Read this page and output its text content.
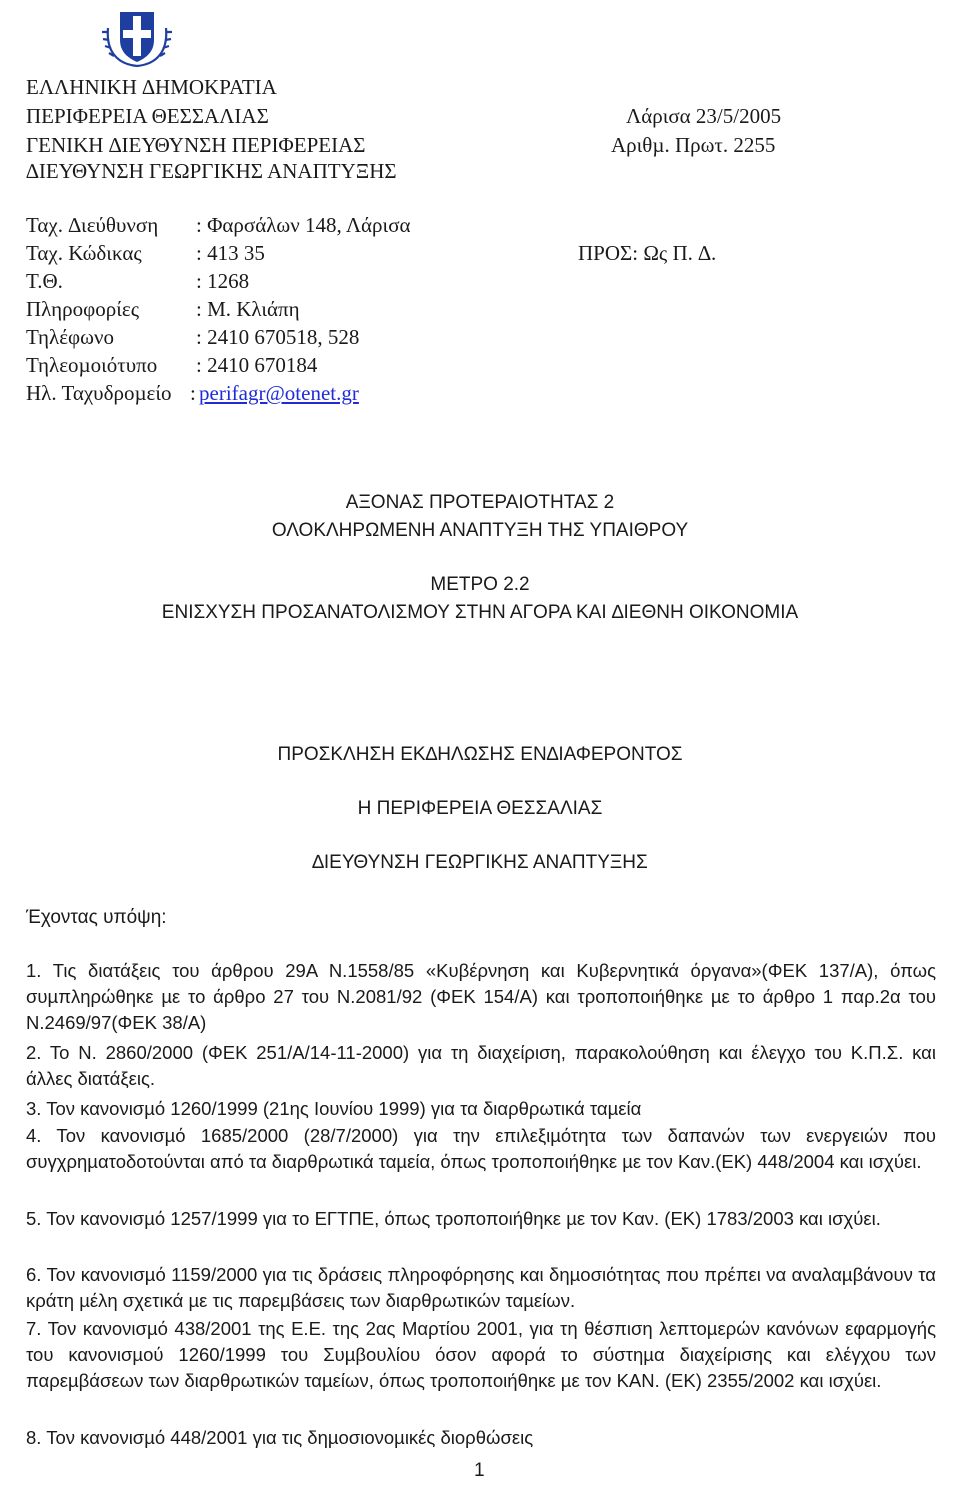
ΕΛΛΗΝΙΚΗ ∆ΗΜΟΚΡΑΤΙΑ
ΠΕΡΙΦΕΡΕΙΑ ΘΕΣΣΑΛΙΑΣ
ΓΕΝΙΚΗ ∆ΙΕΥΘΥΝΣΗ ΠΕΡΙΦΕΡΕΙΑΣ
∆ΙΕΥΘΥΝΣΗ ΓΕΩΡΓΙΚΗΣ ΑΝΑΠΤΥΞΗΣ
Λάρισα 23/5/2005
Αριθµ. Πρωτ. 2255
Ταχ. ∆ιεύθυνση : Φαρσάλων 148, Λάρισα
Ταχ. Κώδικας	: 413 35
Τ.Θ.	: 1268
Πληροφορίες	: Μ. Κλιάπη
Τηλέφωνο	: 2410 670518, 528
Τηλεοµοιότυπο : 2410 670184
Ηλ. Ταχυδροµείο : perifagr@otenet.gr
ΠΡΟΣ: Ως Π. ∆.
ΑΞΟΝΑΣ ΠΡΟΤΕΡΑΙΟΤΗΤΑΣ 2
ΟΛΟΚΛΗΡΩΜΕΝΗ ΑΝΑΠΤΥΞΗ ΤΗΣ ΥΠΑΙΘΡΟΥ
ΜΕΤΡΟ 2.2
ΕΝΙΣΧΥΣΗ ΠΡΟΣΑΝΑΤΟΛΙΣΜΟΥ ΣΤΗΝ ΑΓΟΡΑ ΚΑΙ ∆ΙΕΘΝΗ ΟΙΚΟΝΟΜΙΑ
ΠΡΟΣΚΛΗΣΗ ΕΚ∆ΗΛΩΣΗΣ ΕΝ∆ΙΑΦΕΡΟΝΤΟΣ
Η ΠΕΡΙΦΕΡΕΙΑ ΘΕΣΣΑΛΙΑΣ
∆ΙΕΥΘΥΝΣΗ ΓΕΩΡΓΙΚΗΣ ΑΝΑΠΤΥΞΗΣ
Έχοντας υπόψη:
1. Τις διατάξεις του άρθρου 29Α Ν.1558/85 «Κυβέρνηση και Κυβερνητικά όργανα»(ΦΕΚ 137/Α), όπως συµπληρώθηκε µε το άρθρο 27 του Ν.2081/92 (ΦΕΚ 154/Α) και τροποποιήθηκε µε το άρθρο 1 παρ.2α του Ν.2469/97(ΦΕΚ 38/Α)
2. Το Ν. 2860/2000 (ΦΕΚ 251/Α/14-11-2000) για τη διαχείριση, παρακολούθηση και έλεγχο του Κ.Π.Σ. και άλλες διατάξεις.
3. Τον κανονισµό 1260/1999 (21ης Ιουνίου 1999) για τα διαρθρωτικά ταµεία
4. Τον κανονισµό 1685/2000 (28/7/2000) για την επιλεξιµότητα των δαπανών των ενεργειών που συγχρηµατοδοτούνται από τα διαρθρωτικά ταµεία, όπως τροποποιήθηκε µε τον Καν.(ΕΚ) 448/2004 και ισχύει.
5. Τον κανονισµό 1257/1999 για το ΕΓΤΠΕ, όπως τροποποιήθηκε µε τον Καν. (ΕΚ) 1783/2003 και ισχύει.
6. Τον κανονισµό 1159/2000 για τις δράσεις πληροφόρησης και δηµοσιότητας που πρέπει να αναλαµβάνουν τα κράτη µέλη σχετικά µε τις παρεµβάσεις των διαρθρωτικών ταµείων.
7. Τον κανονισµό 438/2001 της Ε.Ε. της 2ας Μαρτίου 2001, για τη θέσπιση λεπτοµερών κανόνων εφαρµογής του κανονισµού 1260/1999 του Συµβουλίου όσον αφορά το σύστηµα διαχείρισης και ελέγχου των παρεµβάσεων των διαρθρωτικών ταµείων, όπως τροποποιήθηκε µε τον ΚΑΝ. (ΕΚ) 2355/2002 και ισχύει.
8. Τον κανονισµό 448/2001 για τις δηµοσιονοµικές διορθώσεις
1
